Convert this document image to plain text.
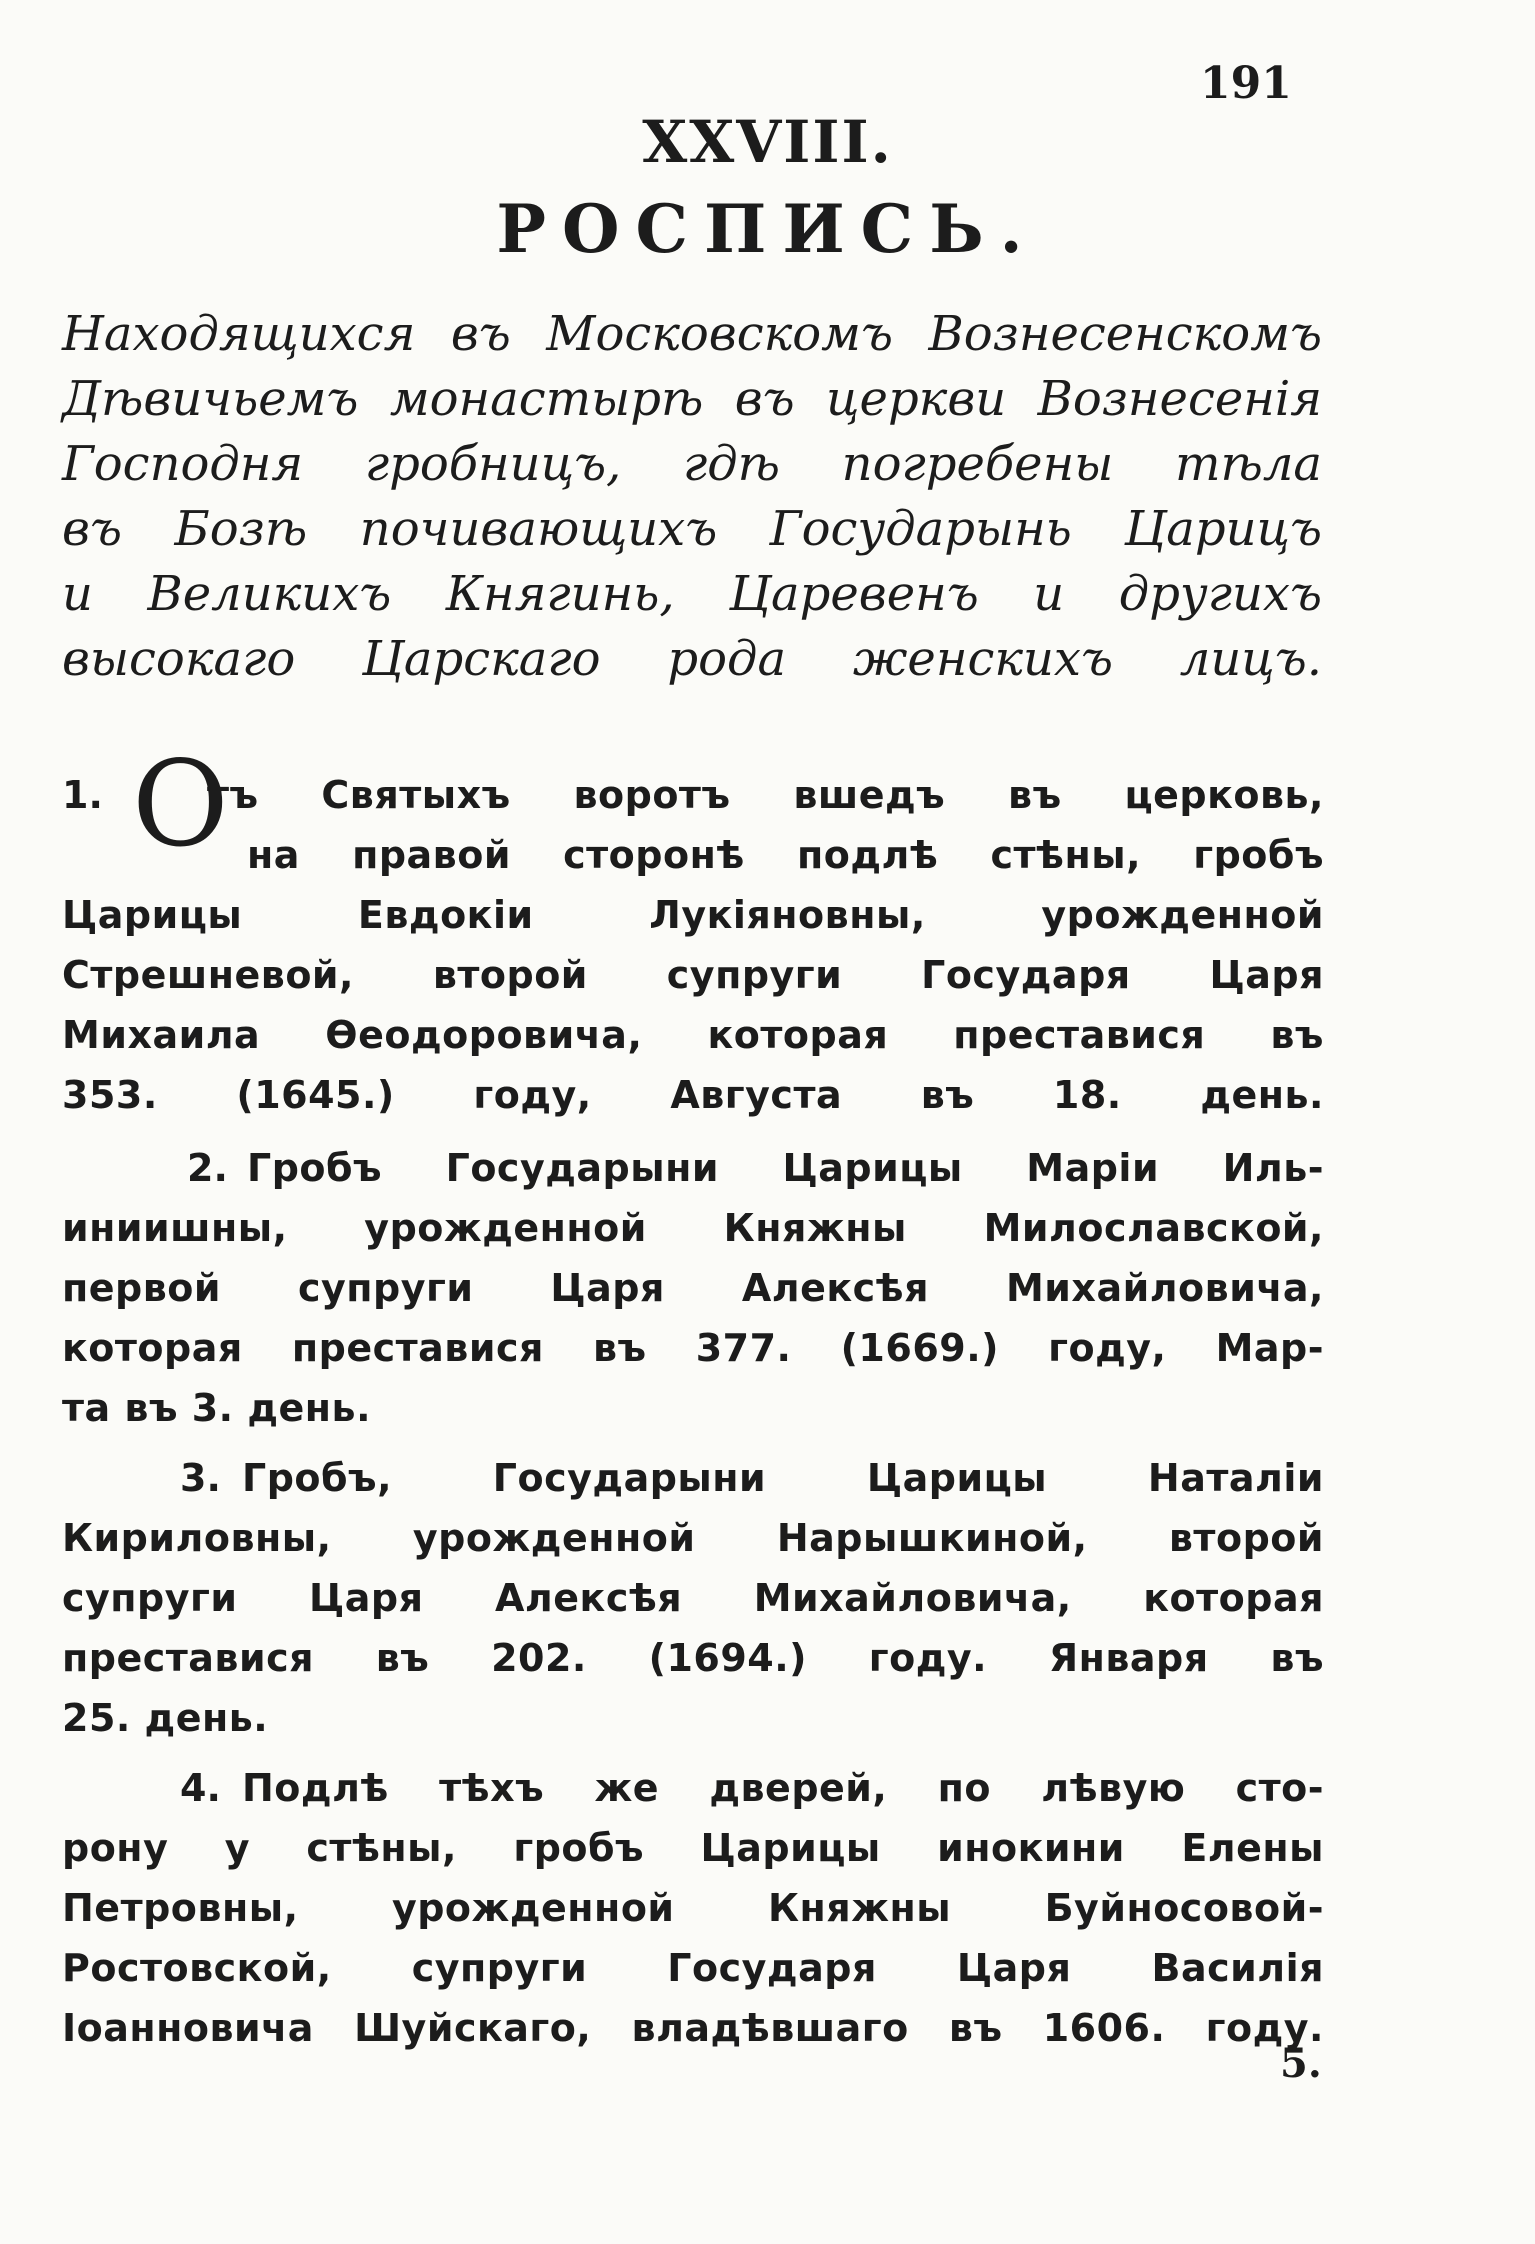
191
XXVIII.
РОСПИСЬ.
Находящихся въ Московскомъ Вознесенскомъ
Дѣвичьемъ монастырѣ въ церкви Вознесенія
Господня гробницъ, гдѣ погребены тѣла
въ Бозѣ почивающихъ Государынь Царицъ
и Великихъ Княгинь, Царевенъ и другихъ
высокаго Царскаго рода женскихъ лицъ.
1. О
тъ Святыхъ воротъ вшедъ въ церковь,
на правой сторонѣ подлѣ стѣны, гробъ
Царицы Евдокіи Лукіяновны, урожденной
Стрешневой, второй супруги Государя Царя
Михаила Ѳеодоровича, которая преставися въ
353. (1645.) году, Августа въ 18. день.
2. Гробъ Государыни Царицы Маріи Иль-
иниишны, урожденной Княжны Милославской,
первой супруги Царя Алексѣя Михайловича,
которая преставися въ 377. (1669.) году, Мар-
та въ 3. день.
3. Гробъ, Государыни Царицы Наталіи
Кириловны, урожденной Нарышкиной, второй
супруги Царя Алексѣя Михайловича, которая
преставися въ 202. (1694.) году. Января въ
25. день.
4. Подлѣ тѣхъ же дверей, по лѣвую сто-
рону у стѣны, гробъ Царицы инокини Елены
Петровны, урожденной Княжны Буйносовой-
Ростовской, супруги Государя Царя Василія
Іоанновича Шуйскаго, владѣвшаго въ 1606. году.
5.
